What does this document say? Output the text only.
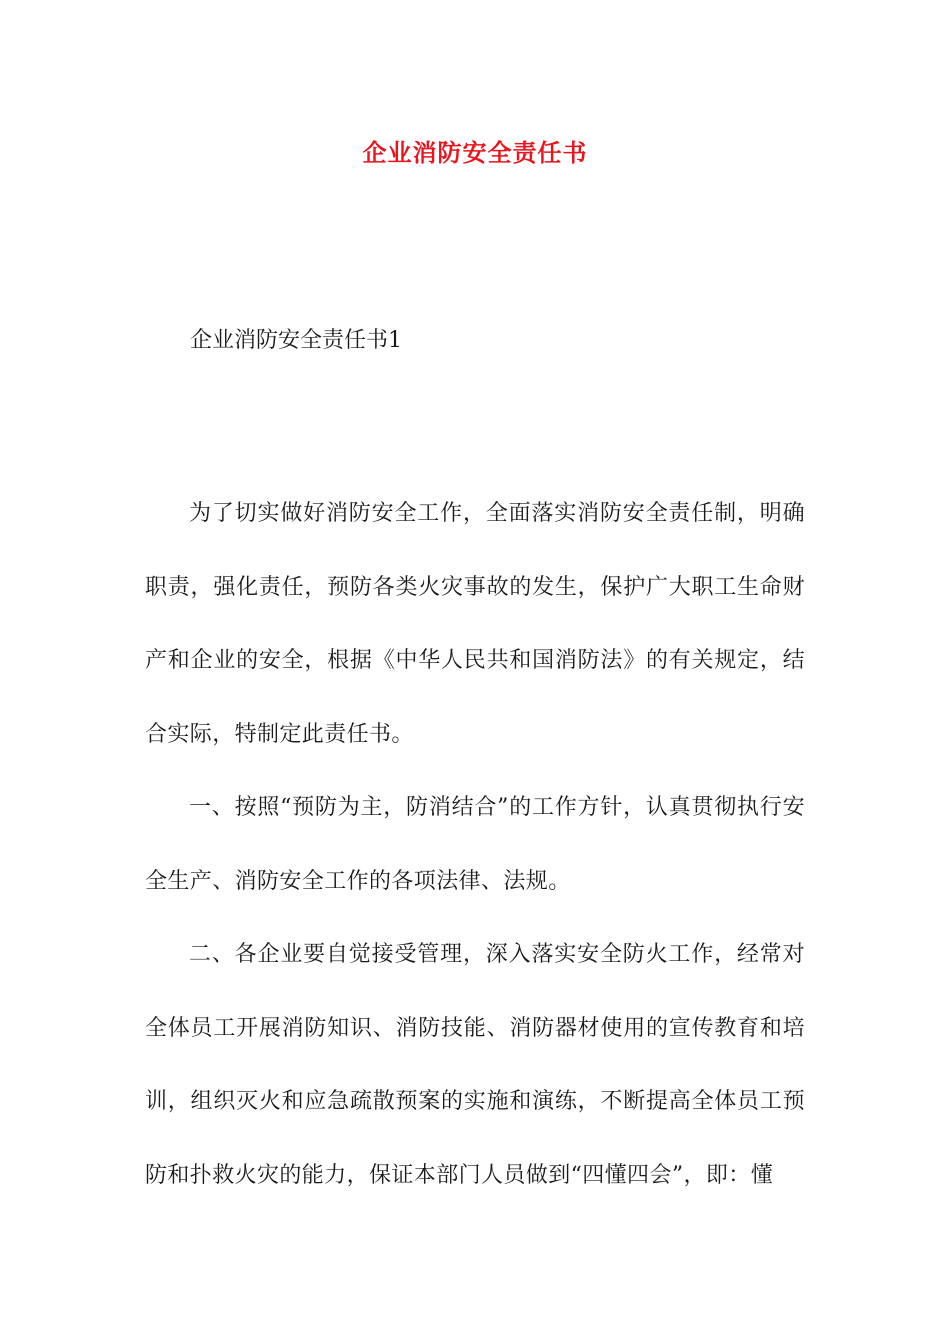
企业消防安全责任书
企业消防安全责任书1

为了切实做好消防安全工作，全面落实消防安全责任制，明确职责，强化责任，预防各类火灾事故的发生，保护广大职工生命财产和企业的安全，根据《中华人民共和国消防法》的有关规定，结合实际，特制定此责任书。

一、按照“预防为主，防消结合”的工作方针，认真贯彻执行安全生产、消防安全工作的各项法律、法规。

二、各企业要自觉接受管理，深入落实安全防火工作，经常对全体员工开展消防知识、消防技能、消防器材使用的宣传教育和培训，组织灭火和应急疏散预案的实施和演练，不断提高全体员工预防和扑救火灾的能力，保证本部门人员做到“四懂四会”，即：懂
